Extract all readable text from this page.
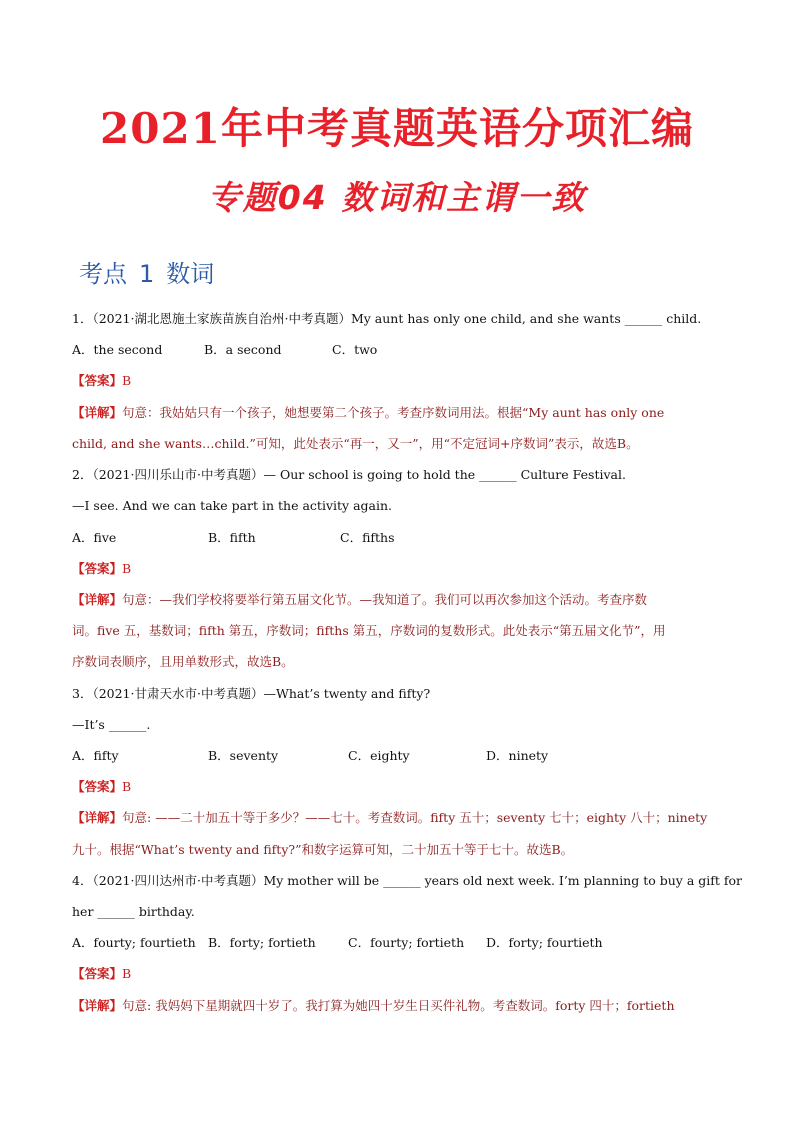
2021年中考真题英语分项汇编
专题04 数词和主谓一致
考点 1 数词
1．（2021·湖北恩施土家族苗族自治州·中考真题）My aunt has only one child, and she wants ______ child.
A．the second	B．a second	C．two
【答案】B
【详解】句意：我姑姑只有一个孩子，她想要第二个孩子。考查序数词用法。根据“My aunt has only one
child, and she wants…child.”可知，此处表示“再一，又一”，用“不定冠词+序数词”表示，故选B。
2．（2021·四川乐山市·中考真题）— Our school is going to hold the ______ Culture Festival.
—I see. And we can take part in the activity again.
A．five	B．fifth	C．fifths
【答案】B
【详解】句意：—我们学校将要举行第五届文化节。—我知道了。我们可以再次参加这个活动。考查序数
词。five 五，基数词；fifth 第五，序数词；fifths 第五，序数词的复数形式。此处表示“第五届文化节”，用
序数词表顺序，且用单数形式，故选B。
3．（2021·甘肃天水市·中考真题）—What’s twenty and fifty?
—It’s ______.
A．fifty	B．seventy	C．eighty	D．ninety
【答案】B
【详解】句意: ——二十加五十等于多少？——七十。考查数词。fifty 五十；seventy 七十；eighty 八十；ninety
九十。根据“What’s twenty and fifty?”和数字运算可知，二十加五十等于七十。故选B。
4．（2021·四川达州市·中考真题）My mother will be ______ years old next week. I’m planning to buy a gift for
her ______ birthday.
A．fourty; fourtieth B．forty; fortieth	C．fourty; fortieth D．forty; fourtieth
【答案】B
【详解】句意: 我妈妈下星期就四十岁了。我打算为她四十岁生日买件礼物。考查数词。forty 四十；fortieth
